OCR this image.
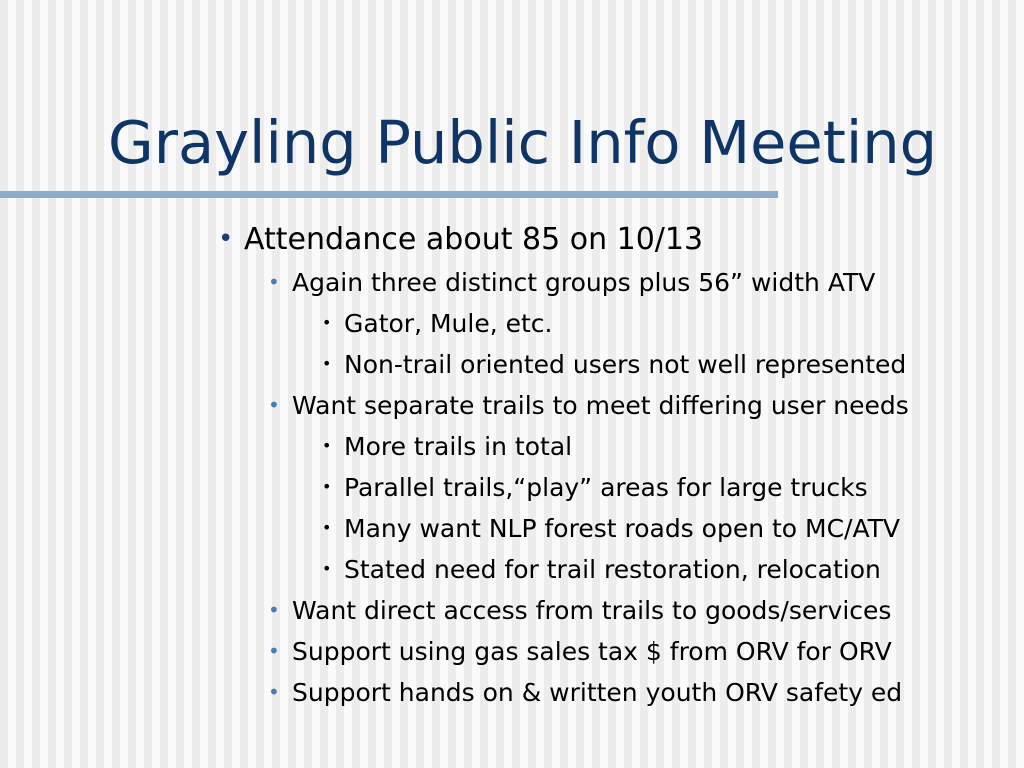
Grayling Public Info Meeting
• Attendance about 85 on 10/13
• Again three distinct groups plus 56” width ATV
• Gator, Mule, etc.
• Non-trail oriented users not well represented
• Want separate trails to meet differing user needs
• More trails in total
• Parallel trails,“play” areas for large trucks
• Many want NLP forest roads open to MC/ATV
• Stated need for trail restoration, relocation
• Want direct access from trails to goods/services
• Support using gas sales tax $ from ORV for ORV
• Support hands on & written youth ORV safety ed
